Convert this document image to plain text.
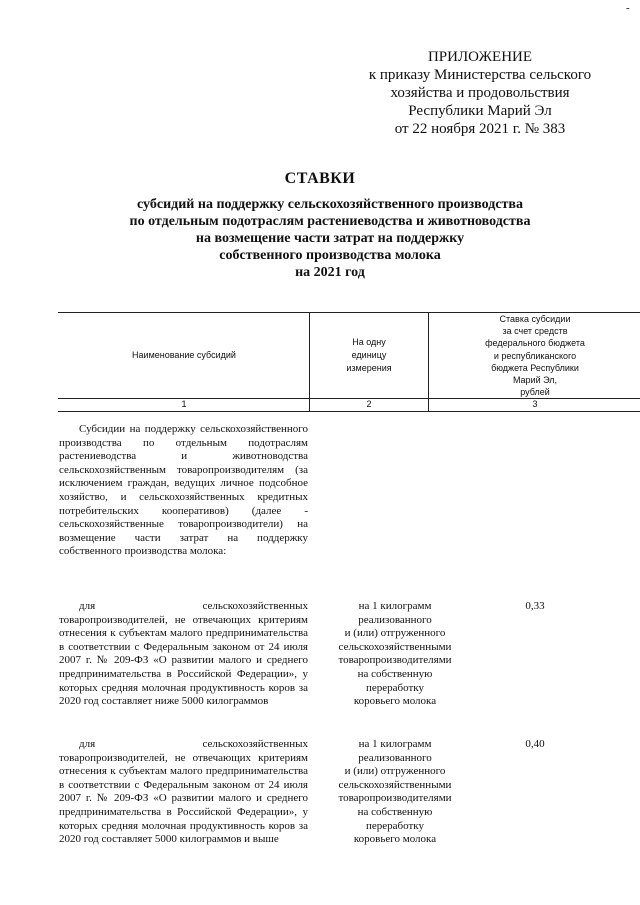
-
ПРИЛОЖЕНИЕ
к приказу Министерства сельского
хозяйства и продовольствия
Республики Марий Эл
от 22 ноября 2021 г. № 383
СТАВКИ
субсидий на поддержку сельскохозяйственного производства
по отдельным подотраслям растениеводства и животноводства
на возмещение части затрат на поддержку
собственного производства молока
на 2021 год
Наименование субсидий
На одну
единицу
измерения
Ставка субсидии
за счет средств
федерального бюджета
и республиканского
бюджета Республики
Марий Эл,
рублей
1	2	3
Субсидии на поддержку сельскохозяйственного производства по отдельным подотраслям растениеводства и животноводства сельскохозяйственным товаропроизводителям (за исключением граждан, ведущих личное подсобное хозяйство, и сельскохозяйственных кредитных потребительских кооперативов) (далее - сельскохозяйственные товаропроизводители) на возмещение части затрат на поддержку собственного производства молока:
для сельскохозяйственных товаропроизводителей, не отвечающих критериям отнесения к субъектам малого предпринимательства в соответствии с Федеральным законом от 24 июля 2007 г. № 209-ФЗ «О развитии малого и среднего предпринимательства в Российской Федерации», у которых средняя молочная продуктивность коров за 2020 год составляет ниже 5000 килограммов
на 1 килограмм
реализованного
и (или) отгруженного
сельскохозяйственными
товаропроизводителями
на собственную
переработку
коровьего молока
0,33
для сельскохозяйственных товаропроизводителей, не отвечающих критериям отнесения к субъектам малого предпринимательства в соответствии с Федеральным законом от 24 июля 2007 г. № 209-ФЗ «О развитии малого и среднего предпринимательства в Российской Федерации», у которых средняя молочная продуктивность коров за 2020 год составляет 5000 килограммов и выше
на 1 килограмм
реализованного
и (или) отгруженного
сельскохозяйственными
товаропроизводителями
на собственную
переработку
коровьего молока
0,40
